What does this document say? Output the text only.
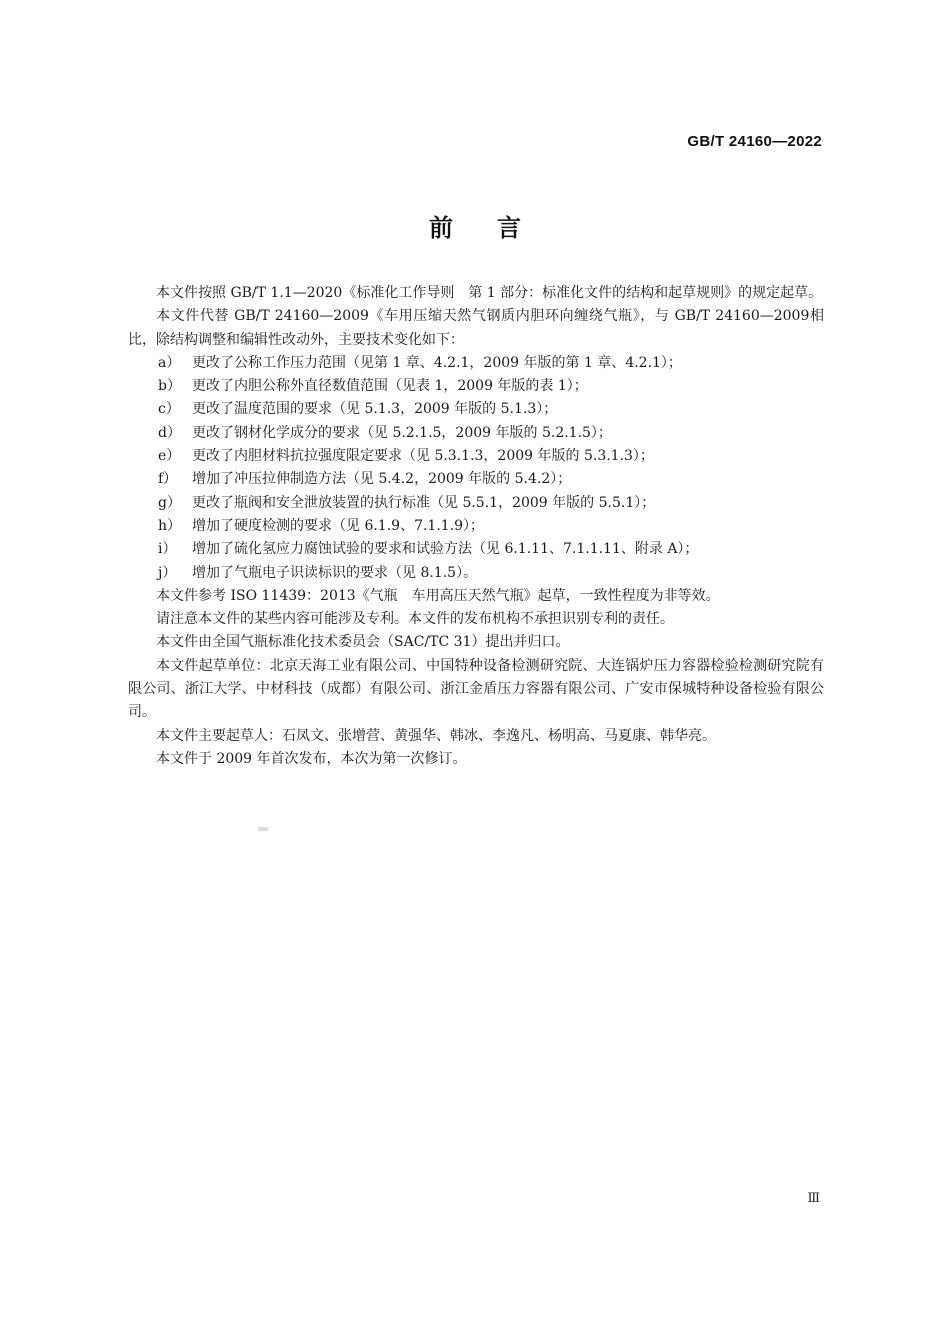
GB/T 24160—2022
前言

本文件按照 GB/T 1.1—2020《标准化工作导则　第 1 部分：标准化文件的结构和起草规则》的规定起草。

本文件代替 GB/T 24160—2009《车用压缩天然气钢质内胆环向缠绕气瓶》，与 GB/T 24160—2009相比，除结构调整和编辑性改动外，主要技术变化如下：

a） 更改了公称工作压力范围（见第 1 章、4.2.1，2009 年版的第 1 章、4.2.1）；
b） 更改了内胆公称外直径数值范围（见表 1，2009 年版的表 1）；
c） 更改了温度范围的要求（见 5.1.3，2009 年版的 5.1.3）；
d） 更改了钢材化学成分的要求（见 5.2.1.5，2009 年版的 5.2.1.5）；
e） 更改了内胆材料抗拉强度限定要求（见 5.3.1.3，2009 年版的 5.3.1.3）；
f） 增加了冲压拉伸制造方法（见 5.4.2，2009 年版的 5.4.2）；
g） 更改了瓶阀和安全泄放装置的执行标准（见 5.5.1，2009 年版的 5.5.1）；
h） 增加了硬度检测的要求（见 6.1.9、7.1.1.9）；
i） 增加了硫化氢应力腐蚀试验的要求和试验方法（见 6.1.11、7.1.1.11、附录 A）；
j） 增加了气瓶电子识读标识的要求（见 8.1.5）。

本文件参考 ISO 11439：2013《气瓶　车用高压天然气瓶》起草，一致性程度为非等效。

请注意本文件的某些内容可能涉及专利。本文件的发布机构不承担识别专利的责任。

本文件由全国气瓶标准化技术委员会（SAC/TC 31）提出并归口。

本文件起草单位：北京天海工业有限公司、中国特种设备检测研究院、大连锅炉压力容器检验检测研究院有限公司、浙江大学、中材科技（成都）有限公司、浙江金盾压力容器有限公司、广安市保城特种设备检验有限公司。

本文件主要起草人：石凤文、张增营、黄强华、韩冰、李逸凡、杨明高、马夏康、韩华亮。

本文件于 2009 年首次发布，本次为第一次修订。

Ⅲ
